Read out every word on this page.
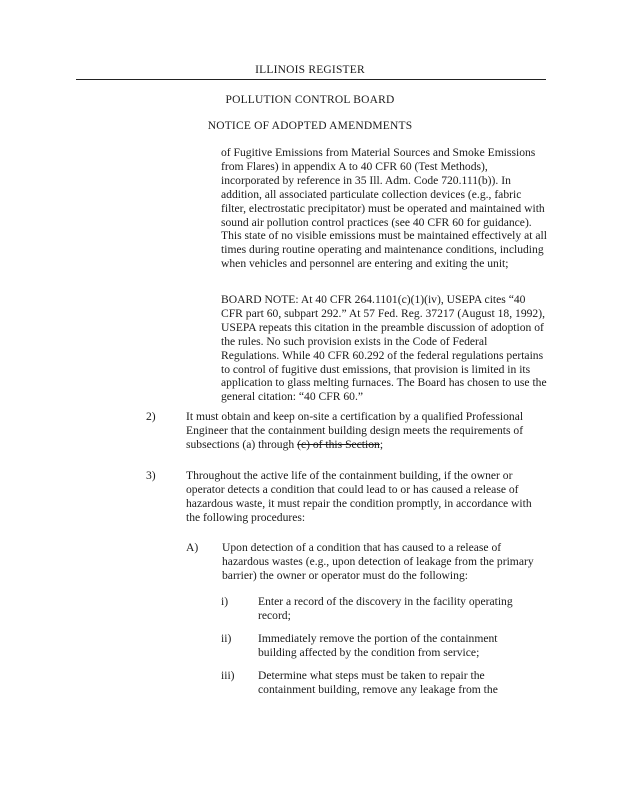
ILLINOIS REGISTER
POLLUTION CONTROL BOARD
NOTICE OF ADOPTED AMENDMENTS

of Fugitive Emissions from Material Sources and Smoke Emissions from Flares) in appendix A to 40 CFR 60 (Test Methods), incorporated by reference in 35 Ill. Adm. Code 720.111(b)). In addition, all associated particulate collection devices (e.g., fabric filter, electrostatic precipitator) must be operated and maintained with sound air pollution control practices (see 40 CFR 60 for guidance). This state of no visible emissions must be maintained effectively at all times during routine operating and maintenance conditions, including when vehicles and personnel are entering and exiting the unit;

BOARD NOTE: At 40 CFR 264.1101(c)(1)(iv), USEPA cites “40 CFR part 60, subpart 292.” At 57 Fed. Reg. 37217 (August 18, 1992), USEPA repeats this citation in the preamble discussion of adoption of the rules. No such provision exists in the Code of Federal Regulations. While 40 CFR 60.292 of the federal regulations pertains to control of fugitive dust emissions, that provision is limited in its application to glass melting furnaces. The Board has chosen to use the general citation: “40 CFR 60.”

2)	It must obtain and keep on-site a certification by a qualified Professional Engineer that the containment building design meets the requirements of subsections (a) through (c) of this Section;

3)	Throughout the active life of the containment building, if the owner or operator detects a condition that could lead to or has caused a release of hazardous waste, it must repair the condition promptly, in accordance with the following procedures:

A) Upon detection of a condition that has caused to a release of hazardous wastes (e.g., upon detection of leakage from the primary barrier) the owner or operator must do the following:

i)	Enter a record of the discovery in the facility operating record;

ii) Immediately remove the portion of the containment building affected by the condition from service;

iii) Determine what steps must be taken to repair the containment building, remove any leakage from the
